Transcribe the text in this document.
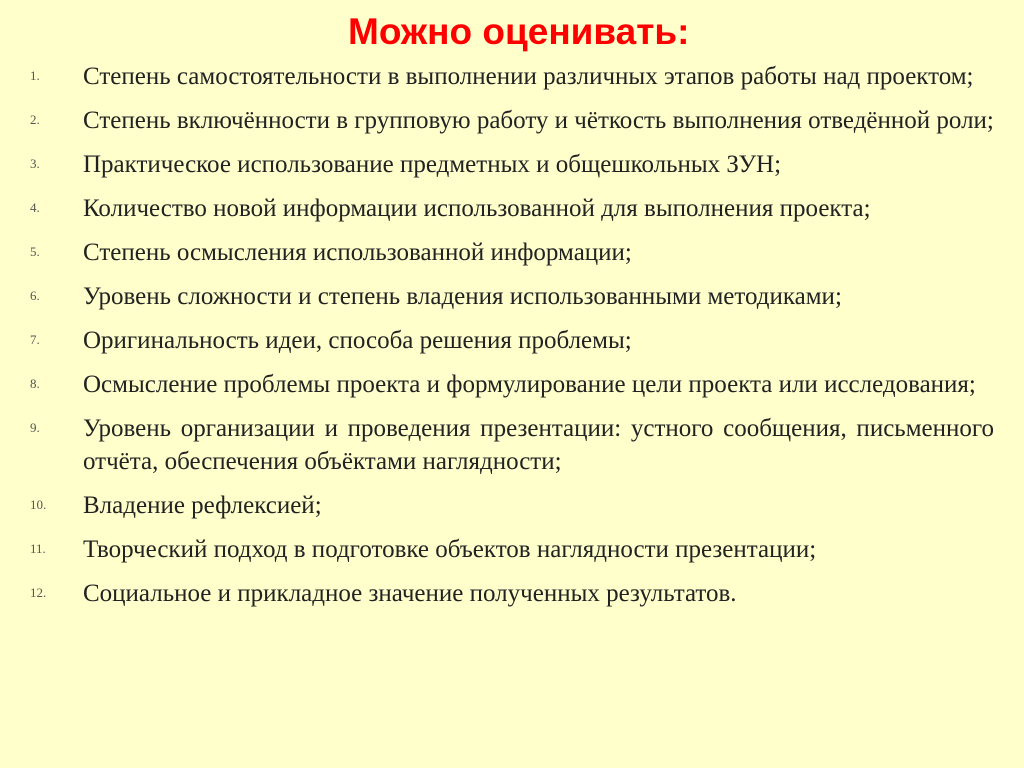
Можно оценивать:
1.	Степень самостоятельности в выполнении различных этапов работы над проектом;
2.	Степень включённости в групповую работу и чёткость выполнения отведённой роли;
3.	Практическое использование предметных и общешкольных ЗУН;
4.	Количество новой информации использованной для выполнения проекта;
5.	Степень осмысления использованной информации;
6.	Уровень сложности и степень владения использованными методиками;
7.	Оригинальность идеи, способа решения проблемы;
8.	Осмысление проблемы проекта и формулирование цели проекта или исследования;
9.	Уровень организации и проведения презентации: устного сообщения, письменного отчёта, обеспечения объёктами наглядности;
10.	Владение рефлексией;
11.	Творческий подход в подготовке объектов наглядности презентации;
12.	Социальное и прикладное значение полученных результатов.
